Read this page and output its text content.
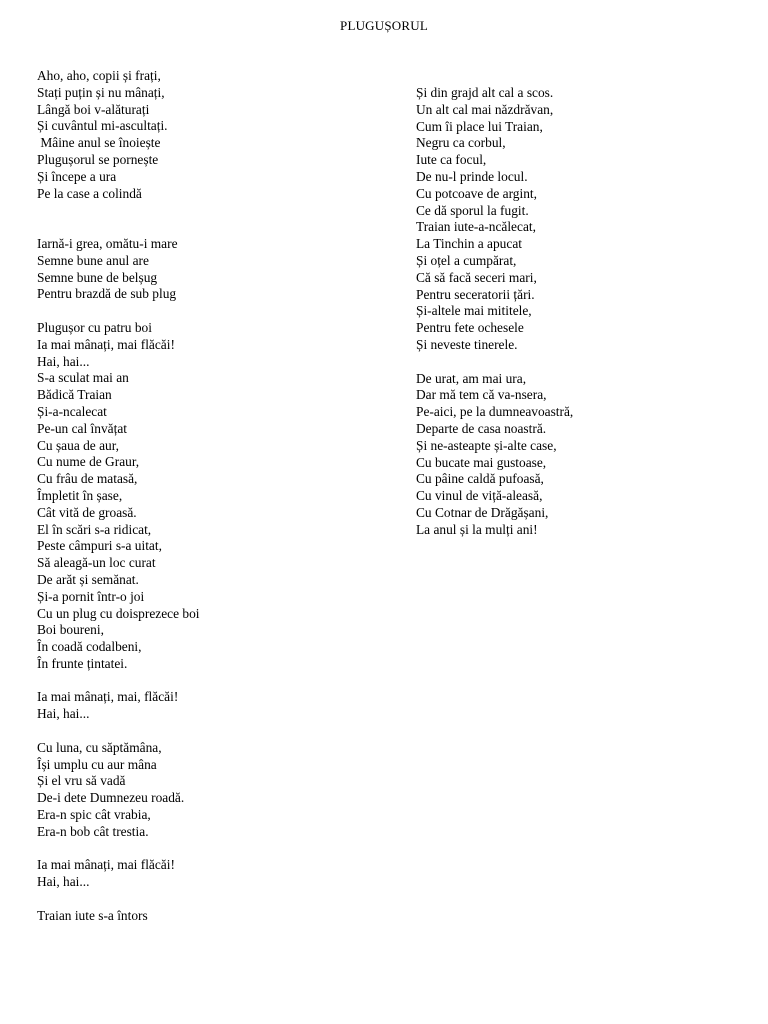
PLUGUȘORUL
Aho, aho, copii și frați,
Stați puțin și nu mânați,
Lângă boi v-alăturați
Și cuvântul mi-ascultați.
Mâine anul se înoiește
Plugușorul se pornește
Și începe a ura
Pe la case a colindă
Iarnă-i grea, omătu-i mare
Semne bune anul are
Semne bune de belșug
Pentru brazdă de sub plug
Plugușor cu patru boi
Ia mai mânați, mai flăcăi!
Hai, hai...
S-a sculat mai an
Bădică Traian
Și-a-ncalecat
Pe-un cal învățat
Cu șaua de aur,
Cu nume de Graur,
Cu frâu de matasă,
Împletit în șase,
Cât vită de groasă.
El în scări s-a ridicat,
Peste câmpuri s-a uitat,
Să aleagă-un loc curat
De arăt și semănat.
Și-a pornit într-o joi
Cu un plug cu doisprezece boi
Boi boureni,
În coadă codalbeni,
În frunte țintatei.
Ia mai mânați, mai, flăcăi!
Hai, hai...
Cu luna, cu săptămâna,
Își umplu cu aur mâna
Și el vru să vadă
De-i dete Dumnezeu roadă.
Era-n spic cât vrabia,
Era-n bob cât trestia.
Ia mai mânați, mai flăcăi!
Hai, hai...
Traian iute s-a întors
Și din grajd alt cal a scos.
Un alt cal mai năzdrăvan,
Cum îi place lui Traian,
Negru ca corbul,
Iute ca focul,
De nu-l prinde locul.
Cu potcoave de argint,
Ce dă sporul la fugit.
Traian iute-a-ncălecat,
La Tinchin a apucat
Și oțel a cumpărat,
Că să facă seceri mari,
Pentru seceratorii țări.
Și-altele mai mititele,
Pentru fete ochesele
Și neveste tinerele.
De urat, am mai ura,
Dar mă tem că va-nsera,
Pe-aici, pe la dumneavoastră,
Departe de casa noastră.
Și ne-asteapte și-alte case,
Cu bucate mai gustoase,
Cu pâine caldă pufoasă,
Cu vinul de viță-aleasă,
Cu Cotnar de Drăgășani,
La anul și la mulți ani!
